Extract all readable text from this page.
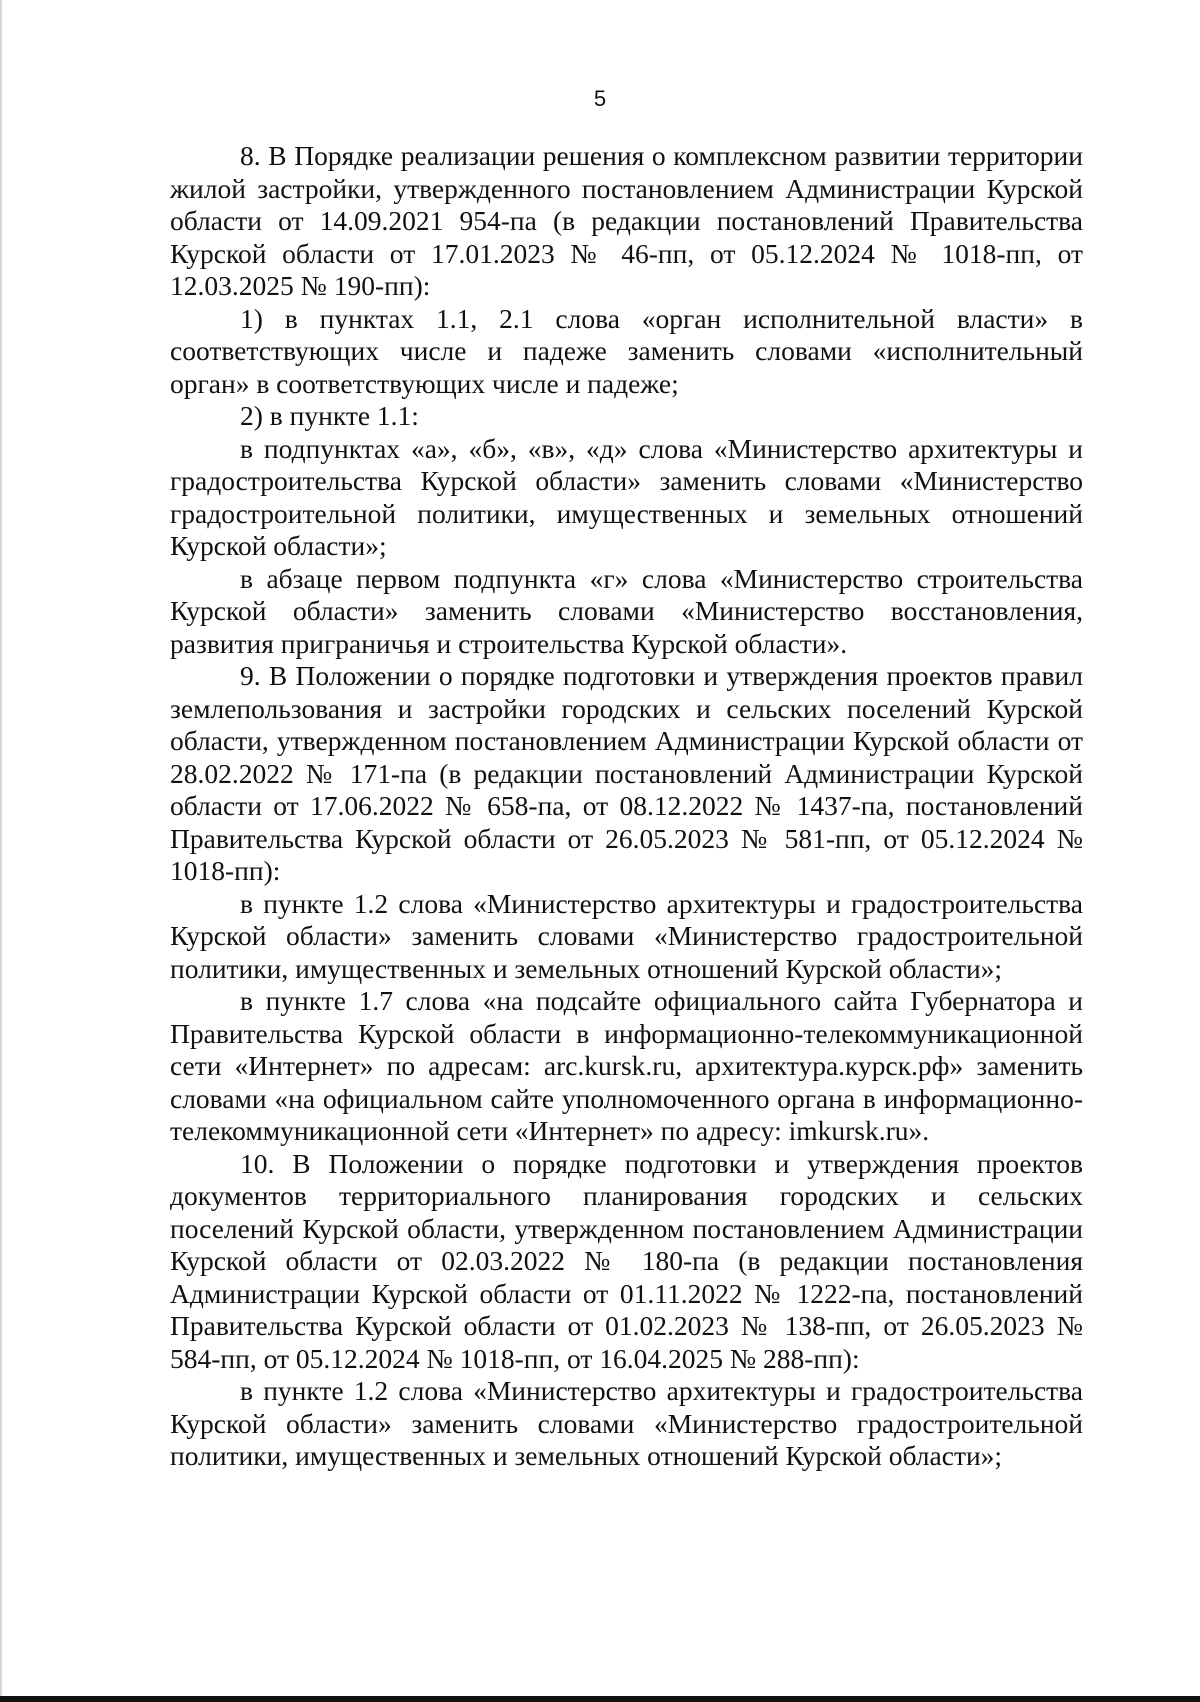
5

8. В Порядке реализации решения о комплексном развитии территории жилой застройки, утвержденного постановлением Администрации Курской области от 14.09.2021 954-па (в редакции постановлений Правительства Курской области от 17.01.2023 № 46-пп, от 05.12.2024 № 1018-пп, от 12.03.2025 № 190-пп):

1) в пунктах 1.1, 2.1 слова «орган исполнительной власти» в соответствующих числе и падеже заменить словами «исполнительный орган» в соответствующих числе и падеже;

2) в пункте 1.1:

в подпунктах «а», «б», «в», «д» слова «Министерство архитектуры и градостроительства Курской области» заменить словами «Министерство градостроительной политики, имущественных и земельных отношений Курской области»;

в абзаце первом подпункта «г» слова «Министерство строительства Курской области» заменить словами «Министерство восстановления, развития приграничья и строительства Курской области».

9. В Положении о порядке подготовки и утверждения проектов правил землепользования и застройки городских и сельских поселений Курской области, утвержденном постановлением Администрации Курской области от 28.02.2022 № 171-па (в редакции постановлений Администрации Курской области от 17.06.2022 № 658-па, от 08.12.2022 № 1437-па, постановлений Правительства Курской области от 26.05.2023 № 581-пп, от 05.12.2024 № 1018-пп):

в пункте 1.2 слова «Министерство архитектуры и градостроительства Курской области» заменить словами «Министерство градостроительной политики, имущественных и земельных отношений Курской области»;

в пункте 1.7 слова «на подсайте официального сайта Губернатора и Правительства Курской области в информационно-телекоммуникационной сети «Интернет» по адресам: arc.kursk.ru, архитектура.курск.рф» заменить словами «на официальном сайте уполномоченного органа в информационно-телекоммуникационной сети «Интернет» по адресу: imkursk.ru».

10. В Положении о порядке подготовки и утверждения проектов документов территориального планирования городских и сельских поселений Курской области, утвержденном постановлением Администрации Курской области от 02.03.2022 № 180-па (в редакции постановления Администрации Курской области от 01.11.2022 № 1222-па, постановлений Правительства Курской области от 01.02.2023 № 138-пп, от 26.05.2023 № 584-пп, от 05.12.2024 № 1018-пп, от 16.04.2025 № 288-пп):

в пункте 1.2 слова «Министерство архитектуры и градостроительства Курской области» заменить словами «Министерство градостроительной политики, имущественных и земельных отношений Курской области»;
